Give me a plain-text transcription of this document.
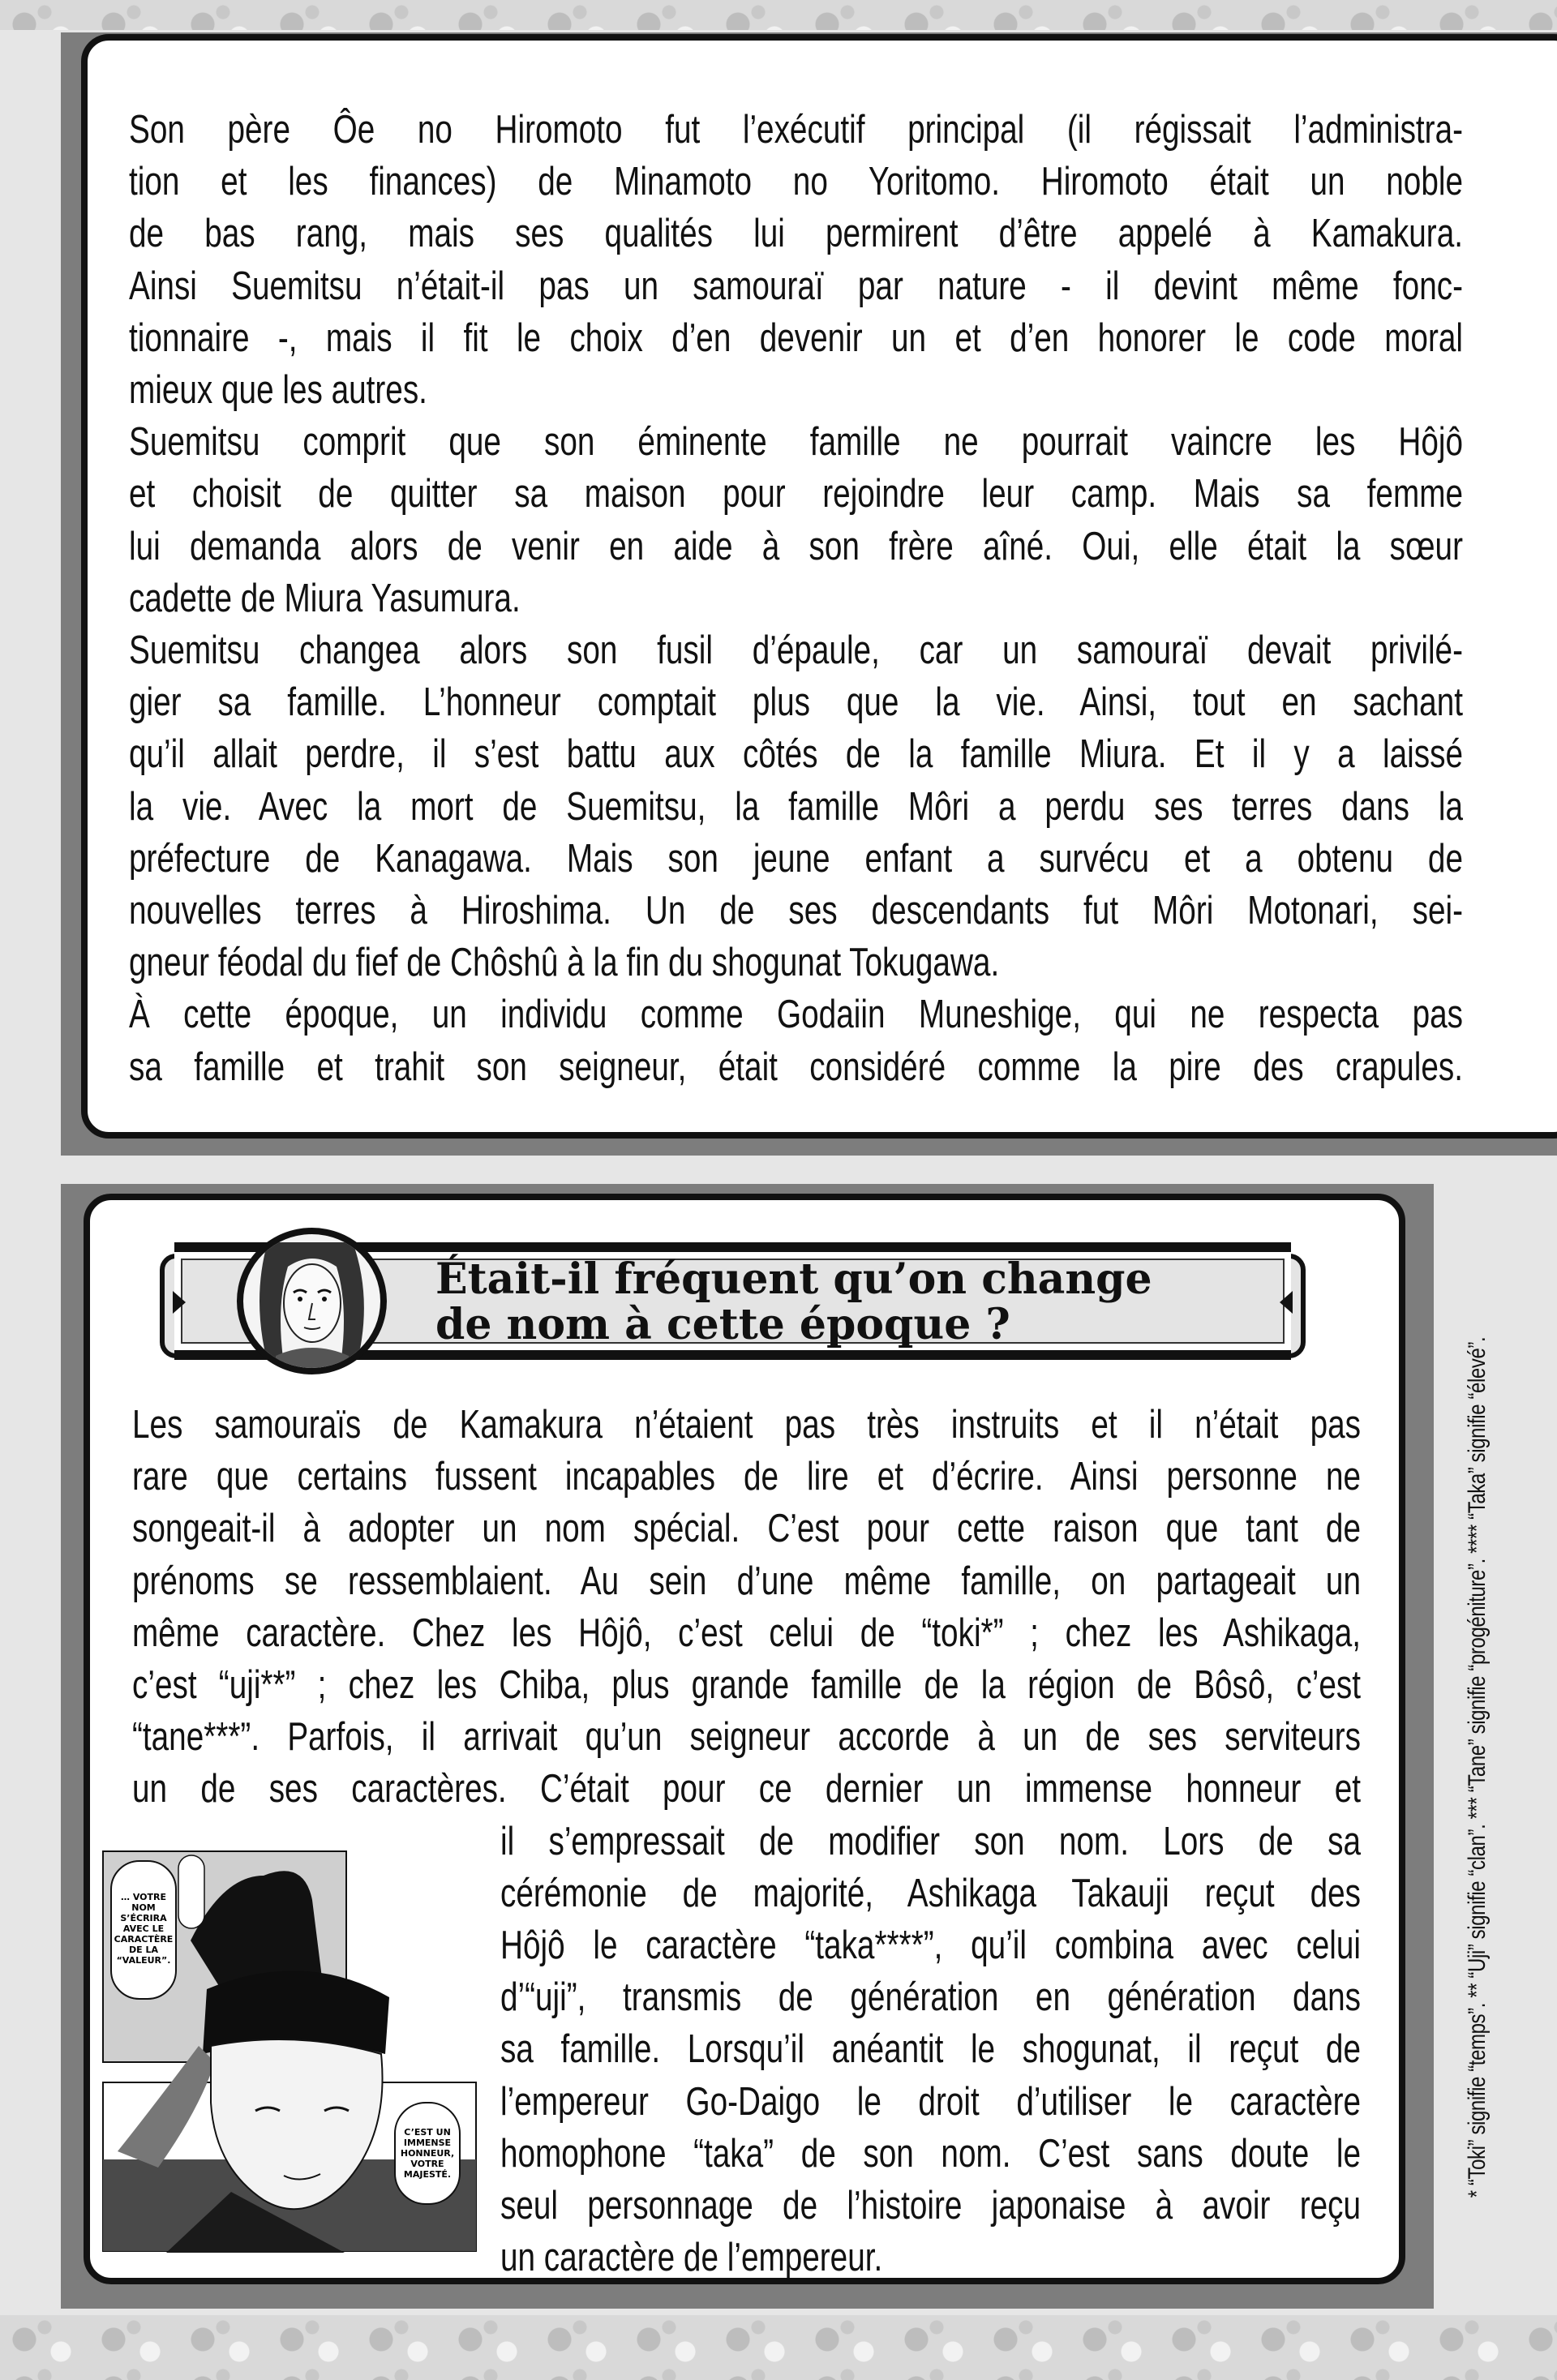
Son père Ôe no Hiromoto fut l’exécutif principal (il régissait l’administra-
tion et les finances) de Minamoto no Yoritomo. Hiromoto était un noble
de bas rang, mais ses qualités lui permirent d’être appelé à Kamakura.
Ainsi Suemitsu n’était-il pas un samouraï par nature - il devint même fonc-
tionnaire -, mais il fit le choix d’en devenir un et d’en honorer le code moral
mieux que les autres.
Suemitsu comprit que son éminente famille ne pourrait vaincre les Hôjô
et choisit de quitter sa maison pour rejoindre leur camp. Mais sa femme
lui demanda alors de venir en aide à son frère aîné. Oui, elle était la sœur
cadette de Miura Yasumura.
Suemitsu changea alors son fusil d’épaule, car un samouraï devait privilé-
gier sa famille. L’honneur comptait plus que la vie. Ainsi, tout en sachant
qu’il allait perdre, il s’est battu aux côtés de la famille Miura. Et il y a laissé
la vie. Avec la mort de Suemitsu, la famille Môri a perdu ses terres dans la
préfecture de Kanagawa. Mais son jeune enfant a survécu et a obtenu de
nouvelles terres à Hiroshima. Un de ses descendants fut Môri Motonari, sei-
gneur féodal du fief de Chôshû à la fin du shogunat Tokugawa.
À cette époque, un individu comme Godaiin Muneshige, qui ne respecta pas
sa famille et trahit son seigneur, était considéré comme la pire des crapules.
Était-il fréquent qu’on change
de nom à cette époque ?
Les samouraïs de Kamakura n’étaient pas très instruits et il n’était pas
rare que certains fussent incapables de lire et d’écrire. Ainsi personne ne
songeait-il à adopter un nom spécial. C’est pour cette raison que tant de
prénoms se ressemblaient. Au sein d’une même famille, on partageait un
même caractère. Chez les Hôjô, c’est celui de “toki*” ; chez les Ashikaga,
c’est “uji**” ; chez les Chiba, plus grande famille de la région de Bôsô, c’est
“tane***”. Parfois, il arrivait qu’un seigneur accorde à un de ses serviteurs
un de ses caractères. C’était pour ce dernier un immense honneur et
il s’empressait de modifier son nom. Lors de sa
cérémonie de majorité, Ashikaga Takauji reçut des
Hôjô le caractère “taka****”, qu’il combina avec celui
d’“uji”, transmis de génération en génération dans
sa famille. Lorsqu’il anéantit le shogunat, il reçut de
l’empereur Go-Daigo le droit d’utiliser le caractère
homophone “taka” de son nom. C’est sans doute le
seul personnage de l’histoire japonaise à avoir reçu
un caractère de l’empereur.
… VOTRE
NOM
S’ÉCRIRA
AVEC LE
CARACTÈRE
DE LA
“VALEUR”.
C’EST UN
IMMENSE
HONNEUR,
VOTRE
MAJESTÉ.	* “Toki” signifie “temps”. ** “Uji” signifie “clan”. *** “Tane” signifie “progéniture”. **** “Taka” signifie “élevé”.
